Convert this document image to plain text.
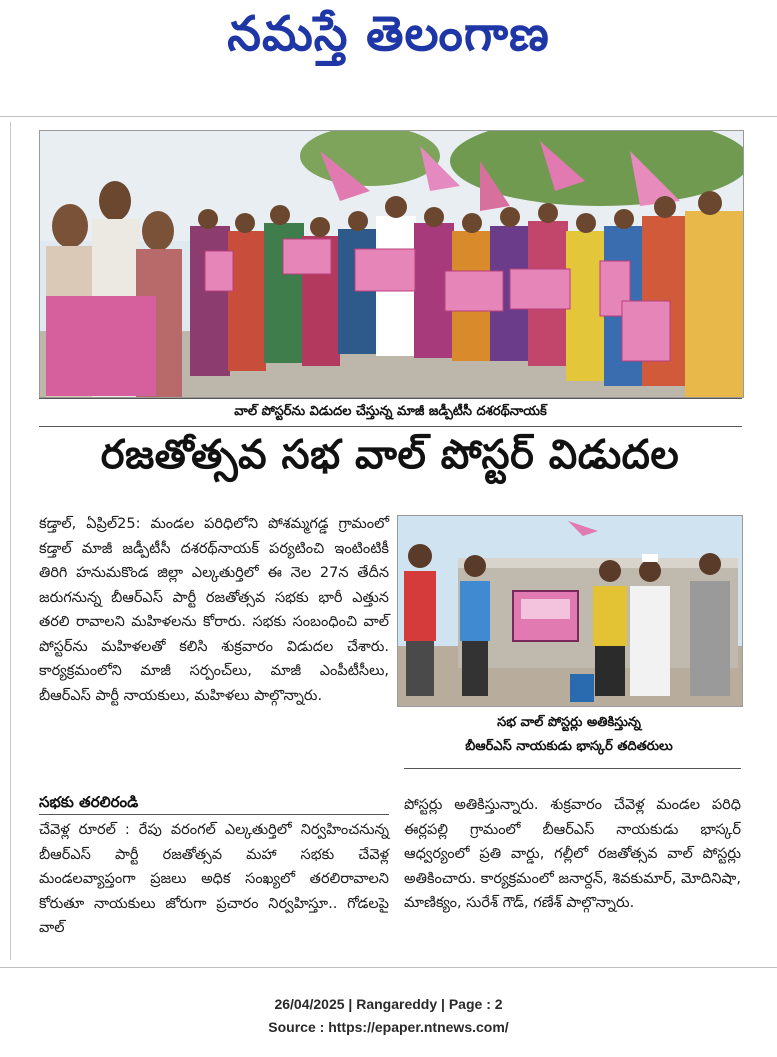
నమస్తే తెలంగాణ
వాల్ పోస్టర్‌ను విడుదల చేస్తున్న మాజీ జడ్పీటీసీ దశరథ్‌నాయక్
రజతోత్సవ సభ వాల్ పోస్టర్ విడుదల

కడ్తాల్, ఏప్రిల్25: మండల పరిధిలోని పోశమ్మగడ్డ గ్రామంలో కడ్తాల్ మాజీ జడ్పీటీసీ దశరథ్‌నాయక్ పర్యటించి ఇంటింటికీ తిరిగి హనుమకొండ జిల్లా ఎల్కతుర్తిలో ఈ నెల 27న తేదీన జరుగనున్న బీఆర్‌ఎస్ పార్టీ రజతోత్సవ సభకు భారీ ఎత్తున తరలి రావాలని మహిళలను కోరారు. సభకు సంబంధించి వాల్ పోస్టర్‌ను మహిళలతో కలిసి శుక్రవారం విడుదల చేశారు. కార్యక్రమంలోని మాజీ సర్పంచ్‌లు, మాజీ ఎంపీటీసీలు, బీఆర్‌ఎస్ పార్టీ నాయకులు, మహిళలు పాల్గొన్నారు.

సభ వాల్ పోస్టర్లు అతికిస్తున్న
బీఆర్‌ఎస్ నాయకుడు భాస్కర్ తదితరులు
సభకు తరలిరండి

చేవెళ్ల రూరల్ : రేపు వరంగల్ ఎల్కతుర్తిలో నిర్వహించనున్న బీఆర్‌ఎస్ పార్టీ రజతోత్సవ మహా సభకు చేవెళ్ల మండలవ్యాప్తంగా ప్రజలు అధిక సంఖ్యలో తరలిరావాలని కోరుతూ నాయకులు జోరుగా ప్రచారం నిర్వహిస్తూ.. గోడలపై వాల్

పోస్టర్లు అతికిస్తున్నారు. శుక్రవారం చేవెళ్ల మండల పరిధి ఈర్లపల్లి గ్రామంలో బీఆర్‌ఎస్ నాయకుడు భాస్కర్ ఆధ్వర్యంలో ప్రతి వార్డు, గల్లీలో రజతోత్సవ వాల్ పోస్టర్లు అతికించారు. కార్యక్రమంలో జనార్దన్, శివకుమార్, మోదినిషా, మాణిక్యం, సురేశ్ గౌడ్, గణేశ్ పాల్గొన్నారు.

26/04/2025 | Rangareddy | Page : 2
Source : https://epaper.ntnews.com/
